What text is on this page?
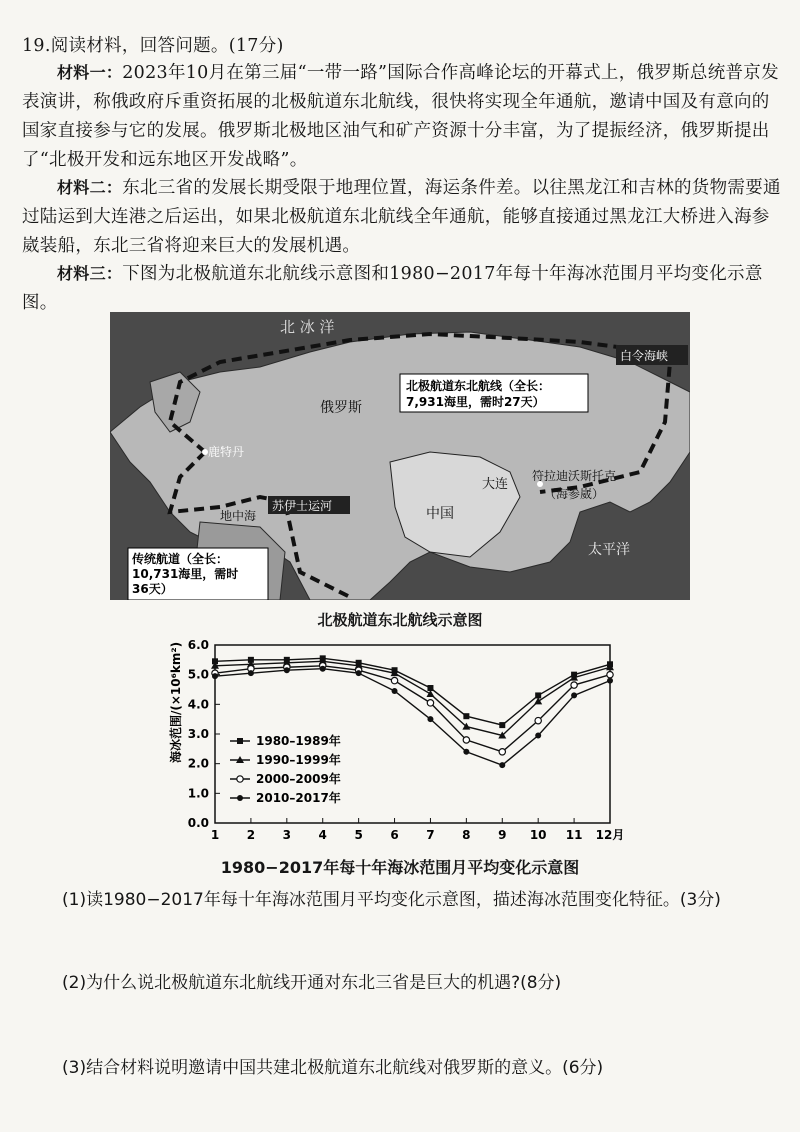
19.阅读材料，回答问题。(17分)
材料一：2023年10月在第三届“一带一路”国际合作高峰论坛的开幕式上，俄罗斯总统普京发表演讲，称俄政府斥重资拓展的北极航道东北航线，很快将实现全年通航，邀请中国及有意向的国家直接参与它的发展。俄罗斯北极地区油气和矿产资源十分丰富，为了提振经济，俄罗斯提出了“北极开发和远东地区开发战略”。
材料二：东北三省的发展长期受限于地理位置，海运条件差。以往黑龙江和吉林的货物需要通过陆运到大连港之后运出，如果北极航道东北航线全年通航，能够直接通过黑龙江大桥进入海参崴装船，东北三省将迎来巨大的发展机遇。
材料三：下图为北极航道东北航线示意图和1980−2017年每十年海冰范围月平均变化示意图。
北 冰 洋
白令海峡
北极航道东北航线（全长：
7,931海里，需时27天）
俄罗斯
鹿特丹
苏伊士运河
地中海	中国
大连
符拉迪沃斯托克
（海参崴）
太平洋
传统航道（全长：
10,731海里，需时
36天）
北极航道东北航线示意图
0.0
1.0
2.0
3.0
4.0
5.0
6.0
1 2 3 4 5 6 7 8 9 10 11 12月
1980–1989年
1990–1999年
2000–2009年
2010–2017年
海冰范围/(×10⁶km²)
1980−2017年每十年海冰范围月平均变化示意图
(1)读1980−2017年每十年海冰范围月平均变化示意图，描述海冰范围变化特征。(3分)
(2)为什么说北极航道东北航线开通对东北三省是巨大的机遇?(8分)
(3)结合材料说明邀请中国共建北极航道东北航线对俄罗斯的意义。(6分)
